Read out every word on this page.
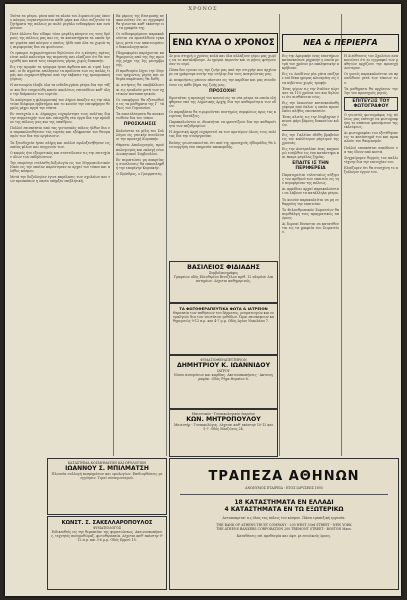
ΧΡΟΝΟΣ

Ταύτα τα μέτρα, μέσα από τα πλοία του λιμανιού μας όπου ο κόσμος συγκεντρώνεται κάθε μέρα και όλοι συζητούν τα ζητήματα της πόλεως με πολύ μεγάλο ενδιαφέρον και αναμένουν.

Ποτέ άλλοτε δεν είδαμε τόσο μεγάλη κίνησιν εις τους δρόμους της πόλεως μας και εις τα καταστήματα τα οποία ήσαν γεμάτα από κόσμον ο οποίος ήλθε από όλα τα χωριά της περιφερείας δια να ψωνίσουν.

Οι εμποροι ευχαριστημένοι δηλώνουν ότι η κίνησις εφέτος είναι πολύ καλυτέρα της περσινής και ελπίζουν ότι θα συνεχισθή και κατά τους επομένους μήνας χωρίς διακοπήν.

Εις την αγοράν τα τρόφιμα ήσαν άφθονα και αι τιμαί λογικαί, οι δε αγρόται επώλησαν τα προϊόντα των εις καλάς τιμάς και ευχαριστήθησαν από την έκβασιν της εμποροπανηγύρεως.

Η αστυνομία έλαβε όλα τα ενδεδειγμένα μέτρα δια την τάξιν και δεν εσημειώθη κανέν απολύτως επεισόδιον καθ' όλην την διάρκειαν των εορτών.

Το απόγευμα η φιλαρμονική του Δήμου έπαιξεν εις την πλατείαν διάφορα εμβατήρια και το κοινόν την επευφήμησε θερμώς μέχρι αργά την νύκτα.

Εν συνεχεία ο κ. Δήμαρχος ευχαρίστησε τους πολίτας δια την συμμετοχήν των και υπεσχέθη νέα έργα δια την πρόοδον της πόλεως μας και της υπαίθρου.

Πολλοί επισκέπται από τας γειτονικάς πόλεις ήλθον δια να παρακολουθήσουν τας εορτάς και εξέφρασαν τον θαυμασμόν των δια την οργάνωσιν.

Τα ξενοδοχεία ήσαν πλήρη και πολλοί εφιλοξενήθησαν εις οικίας φίλων και συγγενών των.

Ο καιρός ήτο εξαιρετικός και συνετέλεσεν εις την επιτυχίαν όλων των εκδηλώσεων.

Την επομένην ετελέσθη δοξολογία εις τον Μητροπολιτικόν Ναόν εις την οποίαν παρέστησαν αι αρχαί του τόπου και πλήθος κόσμου.

Μετά την δοξολογίαν έγινε παρέλασις των σχολείων και των προσκόπων η οποία υπήρξεν επιβλητική.

Εκ μέρους της Επιτροπής ανακοινούται ότι αι εγγραφαί θα γίνωνται καθ' εκάστην εις τα γραφεία της.

Οι ενδιαφερόμενοι παρακαλούνται να προσέλθουν εγκαίρως μετά των απαιτουμένων δικαιολογητικών.

Πληροφορίαι παρέχονται καθημερινώς από της 9ης πρωινής μέχρι της 1ης μεσημβρινής.

Η προθεσμία λήγει την 30ην του τρέχοντος μηνός και ουδεμία παράτασις θα δοθή.

Αι αιτήσεις θα υποβάλλωνται εις τριπλούν μετά των σχετικών πιστοποιητικών.

Οι υποψήφιοι θα εξετασθούν εις τα μαθήματα της Γ΄ τάξεως του Γυμνασίου.

Τα αποτελέσματα θα ανακοινωθούν δια του τύπου.

ΠΡΟΣΚΛΗΣΙΣ

Καλούνται τα μέλη του Συλλόγου εις γενικήν συνέλευσιν την προσεχή Κυριακήν.

Θέματα: Απολογισμός, προϋπολογισμός και εκλογή νέου Διοικητικού Συμβουλίου.

Εν περιπτώσει μη απαρτίας η συνέλευσις θα επαναληφθή την επομένην Κυριακήν.

Ο Πρόεδρος, ο Γραμματεύς.

ΕΝΩ ΚΥΛΑ Ο ΧΡΟΝΟΣ

Σε μια στιγμή ο χρόνος κυλά και όλα αλλάζουν γύρω μας χωρίς να το καταλάβουμε. Αι ημέραι περνούν και οι μήνες φεύγουν σαν το νερό.

Πόσα δεν εγιναν εις την ζωήν μας από την στιγμήν που αρχίσαμε να γράφουμε αυτήν την στήλην δια τους αναγνώστας μας.

Αι αναμνήσεις μένουν πάντοτε εις την καρδίαν και μας συνοδεύουν εις κάθε βήμα της ζωής μας.

ΠΡΟΣΟΧΗ!

Εφιστάται η προσοχή του κοινού εις τα νέα μέτρα τα οποία ελήφθησαν υπό της Δημοτικής Αρχής δια την καθαριότητα των οδών.

Οι παραβάται θα τιμωρούνται αυστηρώς συμφώνως προς τας κειμένας διατάξεις.

Παρακαλούνται οι ιδιοκτήται να φροντίζουν δια την καθαριότητα των πεζοδρομίων.

Η Δημοτική Αρχή ευχαριστεί εκ των προτέρων όλους τους πολίτας δια την συνεργασίαν.

Επίσης γνωστοποιείται ότι από της προσεχούς εβδομάδος θα λειτουργήση νέα υπηρεσία αποκομιδής.

ΒΑΣΙΛΕΙΟΣ ΦΙΔΙΑΔΗΣ
Συμβολαιογράφος

Γραφείον οδός Ελευθερίου Βενιζέλου αριθ. 12 πλησίον Δικαστηρίων. Δέχεται καθημερινώς.

ΤΑ ΦΩΤΟΘΕΡΑΠΕΥΤΙΚΑ ΦΩΤΑ & ΙΑΤΡΕΙΟΝ

Θεραπεία των παθήσεων του δέρματος, ρευματισμών και νευραλγιών δια των νεωτάτων μεθόδων. Ώραι επισκέψεων καθημερινώς 9-12 π.μ. και 4-7 μ.μ. Οδός Αγίου Νικολάου 7.

ΦΥΜΑΤΙΟΘΕΡΑΠΕΥΤΗΡΙΟΝ
ΔΗΜΗΤΡΙΟΥ Κ. ΙΩΑΝΝΙΔΟΥ
ΙΑΤΡΟΥ

Νόσοι πνευμόνων και καρδίας. Ακτινοσκοπήσεις - Ακτινογραφίαι. Οδός Ρήγα Φεραίου 8.

Μαιευτικόν - Γυναικολογικόν Ιατρείον
ΚΩΝ. ΜΗΤΡΟΠΟΥΛΟΥ

Μαιευτήρ - Γυναικολόγος. Δέχεται καθ' εκάστην 10-12 και 5-7. Οδός Μαιζώνος 24.

ΝΕΑ & ΠΕΡΙΕΡΓΑ

Εις την Αμερικήν ένας επιστήμων κατασκεύασε μηχανήν η οποία μετρά τον χρόνον με εκπληκτικήν ακρίβειαν.

Εις το Λονδίνον μία γάτα επέζησε επί δέκα ημέρας κλεισμένη εις ένα κιβώτιον χωρίς τροφήν.

Ένας γέρων εις την Ιταλίαν εώρτασε τα 110 χρόνια του και δηλώνει ότι αισθάνεται νέος.

Εις την Ιαπωνίαν κατεσκευάσθη γέφυρα από ύαλον η οποία προσελκύει πλήθος επισκεπτών.

Ένας αλιεύς εις την Νορβηγίαν έπιασε ψάρι βάρους διακοσίων κιλών.

Εις την Γαλλίαν εδόθη βραβείον εις τον καλλίτερον μάγειρον της χρονιάς.

Εις την Αυστραλίαν ένας καγκουρώ εισήλθεν εις ένα κατάστημα και έκαμε μεγάλας ζημίας.

ΕΠΑΙΤΕ ΙΣ ΤΗΝ ΠΕΡΙΦΕΡΕΙΑ

Παρατηρείται τελευταίως αύξησις του αριθμού των επαιτών εις την περιφέρειαν της πόλεως.

Αι αρμόδιαι αρχαί παρακαλούνται να λάβουν τα κατάλληλα μέτρα.

Το κοινόν παρακαλείται να μη ενθαρρύνη την επαιτείαν.

Το Φιλανθρωπικόν Σωματείον θα περιθάλψη τους πραγματικώς απόρους.

Αι δωρεαί δύνανται να κατατίθενται εις τα γραφεία του Σωματείου.

Η Διεύθυνσις του Σχολείου ανακοινώνει ότι αι εγγραφαί των μαθητών αρχίζουν την προσεχή Δευτέραν.

Οι γονείς παρακαλούνται να προσέλθουν μετά των τέκνων των.

Τα μαθήματα θα αρχίσουν την 1ην του προσεχούς μηνός.

ΕΠΙΤΕΥΞΙΣ ΤΟΥ ΦΩΤΟΓΡΑΦΟΥ

Ο γνωστός φωτογράφος της πόλεως μας επέτυχε να φωτογραφήση το σπάνιον φαινόμενον της εκλείψεως.

Αι φωτογραφίαι του εξετέθησαν εις το κατάστημά του και προκαλούν τον θαυμασμόν.

Πολλοί επισκέπται σπεύδουν να τας ίδουν από κοντά.

Συγχαίρομεν θερμώς τον καλλιτέχνην δια την επιτυχίαν του.

Ελπίζομεν ότι θα συνεχίση το αξιόλογον έργον του.

ΚΑΤΑΣΤΗΜΑ ΚΟΣΜΗΜΑΤΩΝ ΚΑΙ ΩΡΟΛΟΓΙΩΝ
ΙΩΑΝΝΟΥ Σ. ΜΠΙΛΜΑΤΣΗ

Πλουσία συλλογή κοσμημάτων και ωρολογίων. Επιδιορθώσεις με εγγύησιν. Τιμαί συναγωνισμού.

ΚΩΝΣΤ. Σ. ΣΑΚΕΛΛΑΡΟΠΟΥΛΟΣ
ΦΥΜΑΤΙΟΛΟΓΟΣ

Ειδικευθείς εις την θεραπείαν της φυματιώσεως. Ακτινοσκοπήσεις, τεχνητός πνευμοθώραξ, φωτοθεραπεία. Δέχεται καθ' εκάστην 9-12 π.μ. και 3-6 μ.μ. Οδός Ερμού 15.

ΤΡΑΠΕΖΑ ΑΘΗΝΩΝ
ΑΝΩΝΥΜΟΣ ΕΤΑΙΡΕΙΑ - ΕΤΟΣ ΙΔΡΥΣΕΩΣ 1893
18 ΚΑΤΑΣΤΗΜΑΤΑ ΕΝ ΕΛΛΑΔΙ
4 ΚΑΤΑΣΤΗΜΑΤΑ ΕΝ ΤΩ ΕΞΩΤΕΡΙΚΩ

Ανταποκριταί εις όλας τας πόλεις του κόσμου. Πάσα τραπεζική εργασία.

THE BANK OF ATHENS TRUST COMPANY - 205 WEST 33rd STREET - NEW YORK
THE ATHENS BANKERS CORPORATION 200 TREMONT STREET - BOSTON Mass.

Καταθέσεις επί προθεσμία και όψει με ευνοϊκούς όρους.
